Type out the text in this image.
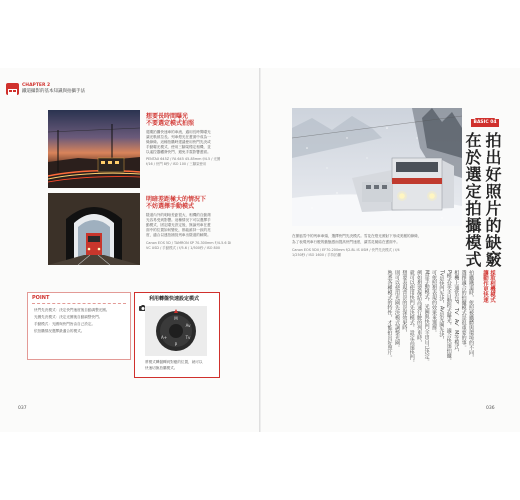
CHAPTER 2
鐵道攝影的基本知識與拍攝手法
想要長時間曝光
不要選定模式拍照
週期拍攝快速車的車流，適用長時間曝光
讓光軌被拉長。列車燈光在畫面中成為一
條線條。這種拍攝時建議使用快門先決或
手動曝光模式，使用三腳架穩定相機，並
以遙控器觸發快門，避免手震影響畫面。
PENTAX 645Z / FA 645 45-85mm f/4.5 / 光圈
f/16 / 快門 8秒 / ISO 100 / 三腳架使用
明暗差距極大的情況下
不妨選擇手動模式
隧道內外的明暗差距很大，相機的自動測
光容易受到影響。這種情況下可以選擇手
動模式，固定曝光設定後，無論列車在畫
面中的位置如何變化，都能維持一致的亮
度，適合以連拍捕捉列車出隧道的瞬間。
Canon EOS 5D / TAMRON SP 70-300mm F/4-5.6 Di
VC USD / 手動模式 / f/5.6 / 1/500秒 / ISO 800
POINT
快門先決模式：決定快門速度後自動調整光圈。
光圈先決模式：決定光圈後自動調整快門。
手動模式：光圈與快門皆由自己設定。
依拍攝情況選擇最適合的模式。
利用轉盤快速設定模式
M
Av
Tv
P
A+
將模式轉盤轉到對應的位置，就可以
快速切換拍攝模式。
037
在暴風雪中的列車車頭，選擇快門先決模式。雪花在燈光照射下形成美麗的線條，
為了表現列車行駛的動態感而提高快門速度，讓雪花凝結在畫面中。
Canon EOS 5DII / EF70-200mm f/2.8L IS USM / 快門先決模式 / f/4
1/250秒 / ISO 1600 / 手持拍攝
BASIC 04
拍出好照片的缺竅
在於選定拍攝模式
採取相機模式
讓動作更快速
拍攝鐵道時，依照被攝體與環境的不同，
選擇適合的拍攝模式是很重要的事。
相機上通常有P、Tv、Av、M等模式，
P模式是全自動程式曝光，適合快速拍攝。
Tv是快門先決，Av是光圈先決，
可依照想表現的效果來選擇。
M是手動模式，光圈與快門全由自己決定。
例如想要凝結高速行駛的列車時，
就可以使用快門先決模式，設定高速快門。
想要表現背景的景深效果時，
則可以使用光圈先決模式調整光圈。
熟悉各種模式的特性，才能拍出好照片。
036
